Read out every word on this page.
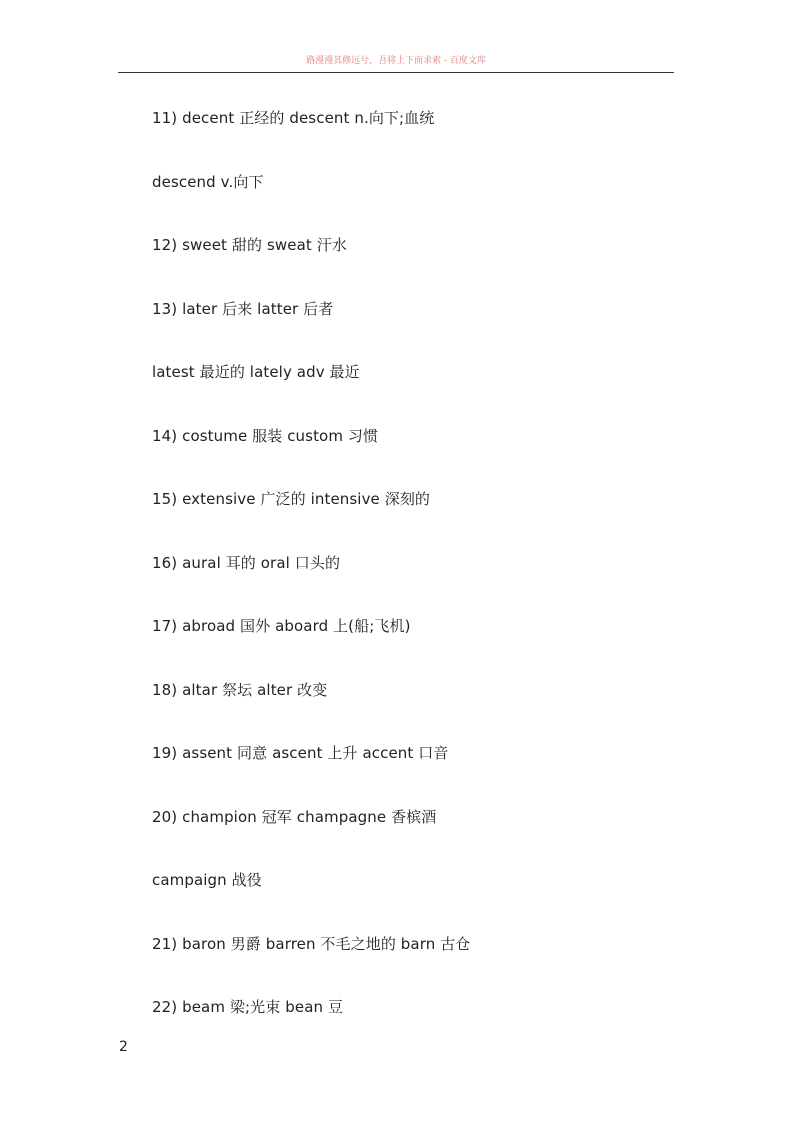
路漫漫其修远兮，吾将上下而求索 - 百度文库
11) decent 正经的 descent n.向下;血统
descend v.向下
12) sweet 甜的 sweat 汗水
13) later 后来 latter 后者
latest 最近的 lately adv 最近
14) costume 服装 custom 习惯
15) extensive 广泛的 intensive 深刻的
16) aural 耳的 oral 口头的
17) abroad 国外 aboard 上(船;飞机)
18) altar 祭坛 alter 改变
19) assent 同意 ascent 上升 accent 口音
20) champion 冠军 champagne 香槟酒
campaign 战役
21) baron 男爵 barren 不毛之地的 barn 古仓
22) beam 梁;光束 bean 豆
2
